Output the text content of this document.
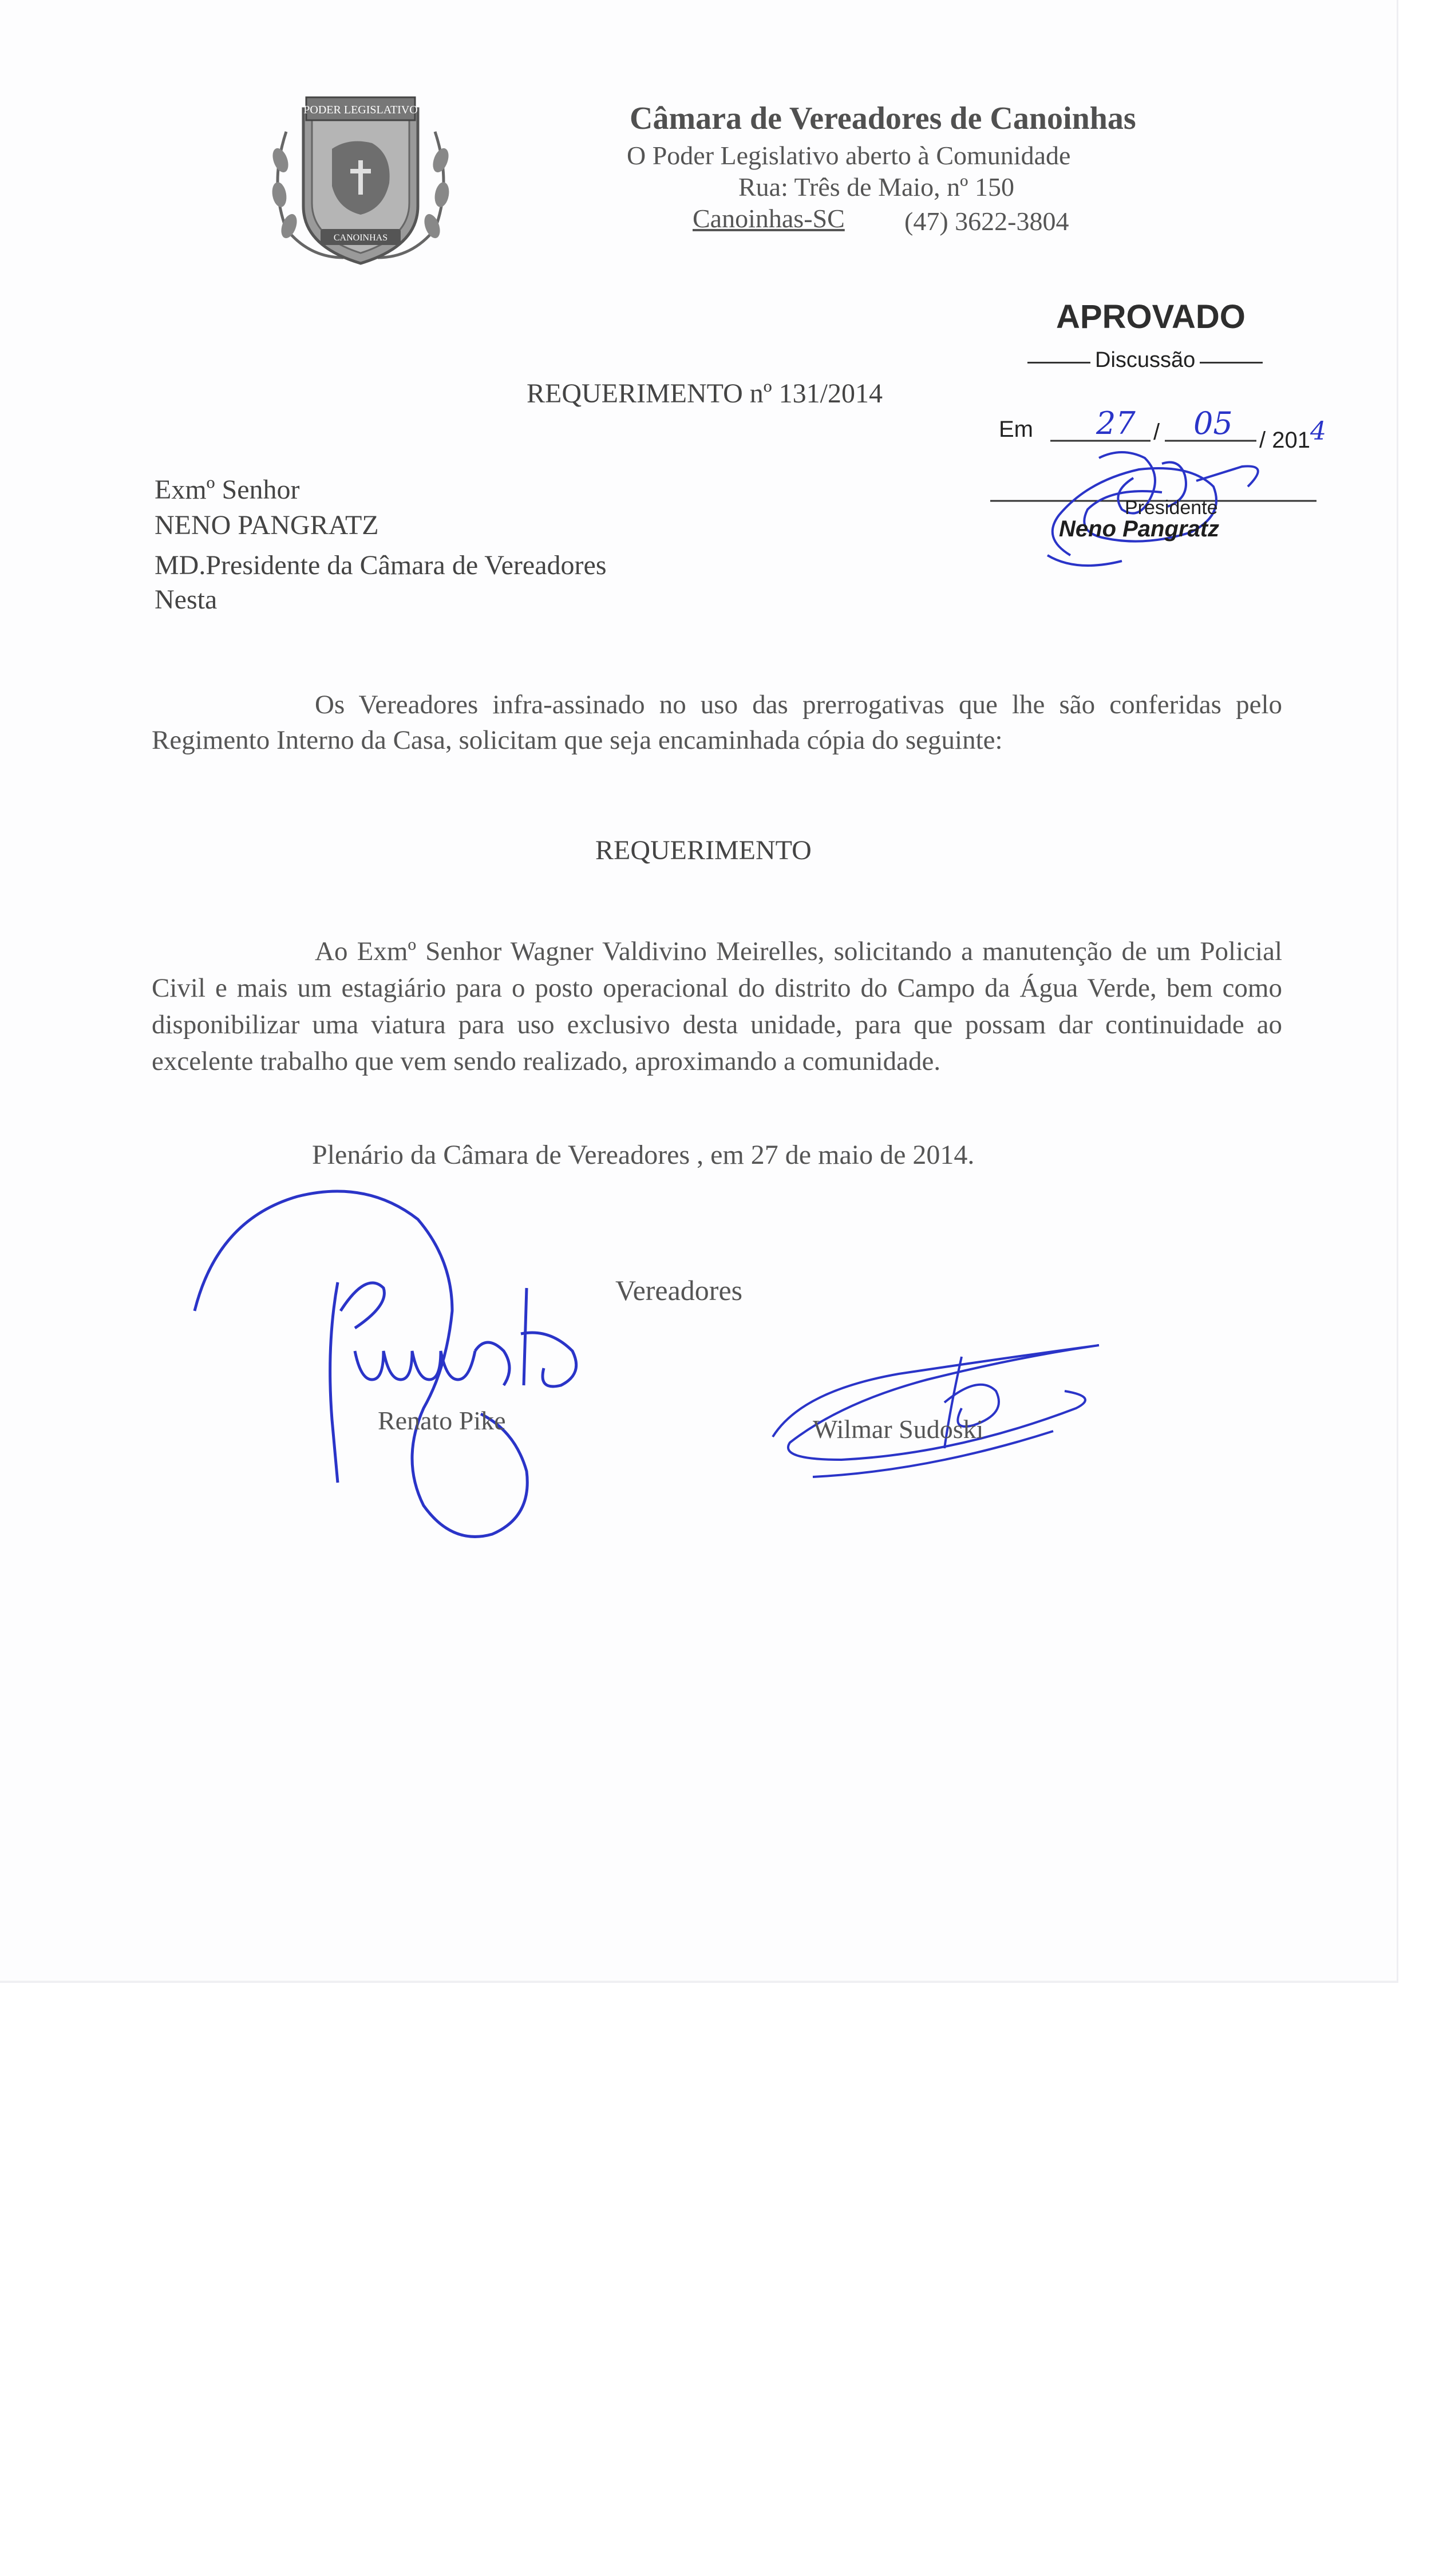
PODER LEGISLATIVO
CANOINHAS
Câmara de Vereadores de Canoinhas
O Poder Legislativo aberto à Comunidade
Rua: Três de Maio, nº 150
Canoinhas-SC (47) 3622-3804
APROVADO
Discussão
Em	/
27 05 / 2014
Presidente
Neno Pangratz
REQUERIMENTO nº 131/2014
Exmº Senhor
NENO PANGRATZ
MD.Presidente da Câmara de Vereadores
Nesta
Os Vereadores infra-assinado no uso das prerrogativas que lhe são conferidas pelo Regimento Interno da Casa, solicitam que seja encaminhada cópia do seguinte:
REQUERIMENTO
Ao Exmº Senhor Wagner Valdivino Meirelles, solicitando a manutenção de um Policial Civil e mais um estagiário para o posto operacional do distrito do Campo da Água Verde, bem como disponibilizar uma viatura para uso exclusivo desta unidade, para que possam dar continuidade ao excelente trabalho que vem sendo realizado, aproximando a comunidade.
Plenário da Câmara de Vereadores , em 27 de maio de 2014.
Vereadores
Renato Pike	Wilmar Sudoski
